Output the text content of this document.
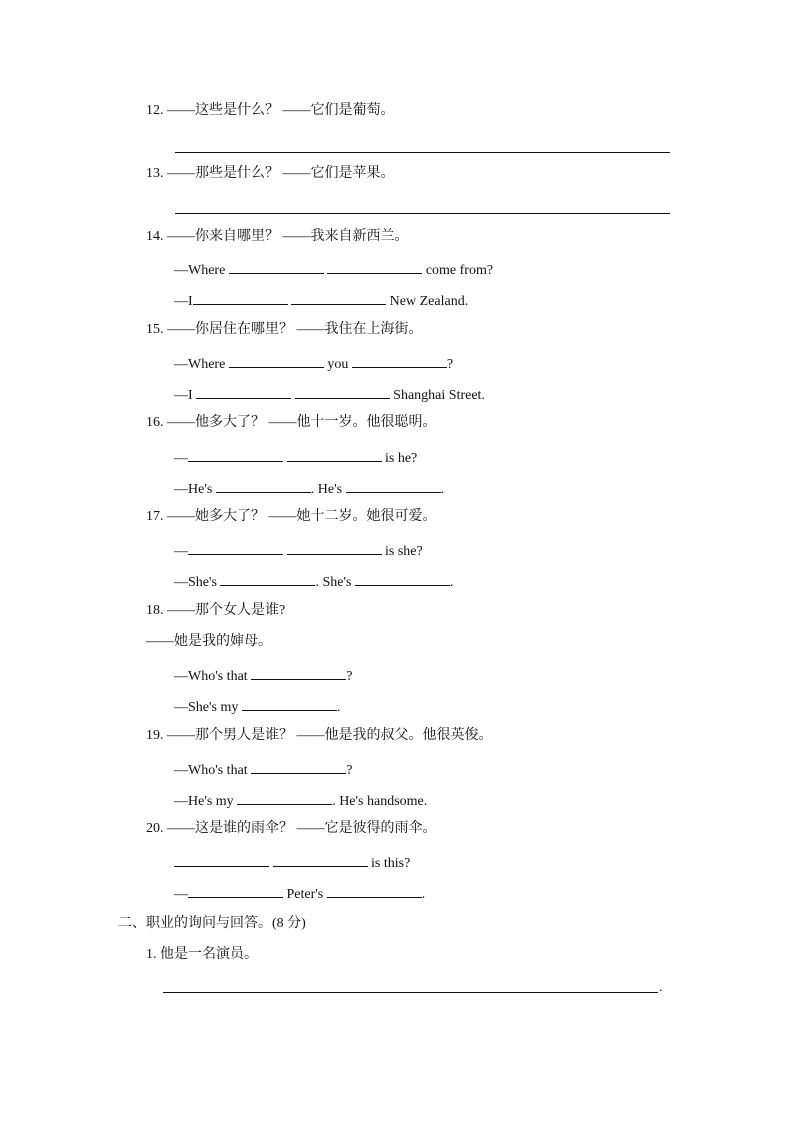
12. ——这些是什么？ ——它们是葡萄。
13. ——那些是什么？ ——它们是苹果。
14. ——你来自哪里？ ——我来自新西兰。
—Where	come from?
—I	New Zealand.
15. ——你居住在哪里？ ——我住在上海街。
—Where	you	?
—I	Shanghai Street.
16. ——他多大了？ ——他十一岁。他很聪明。
—	is he?
—He's	. He's	.
17. ——她多大了？ ——她十二岁。她很可爱。
—	is she?
—She's	. She's	.
18. ——那个女人是谁?
——她是我的婶母。
—Who's that	?
—She's my	.
19. ——那个男人是谁？ ——他是我的叔父。他很英俊。
—Who's that	?
—He's my	. He's handsome.
20. ——这是谁的雨伞？ ——它是彼得的雨伞。
is this?
—	Peter's	.
二、职业的询问与回答。(8 分)
1. 他是一名演员。
.
